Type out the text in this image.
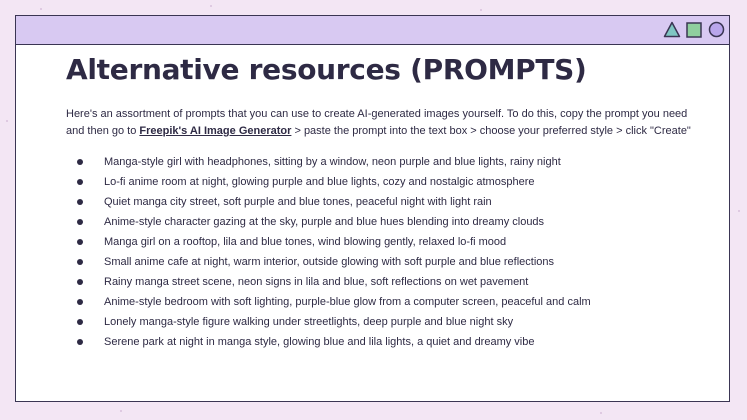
Alternative resources (PROMPTS)

Here's an assortment of prompts that you can use to create AI-generated images yourself. To do this, copy the prompt you need and then go to Freepik's AI Image Generator > paste the prompt into the text box > choose your preferred style > click "Create"

Manga-style girl with headphones, sitting by a window, neon purple and blue lights, rainy night
Lo-fi anime room at night, glowing purple and blue lights, cozy and nostalgic atmosphere
Quiet manga city street, soft purple and blue tones, peaceful night with light rain
Anime-style character gazing at the sky, purple and blue hues blending into dreamy clouds
Manga girl on a rooftop, lila and blue tones, wind blowing gently, relaxed lo-fi mood
Small anime cafe at night, warm interior, outside glowing with soft purple and blue reflections
Rainy manga street scene, neon signs in lila and blue, soft reflections on wet pavement
Anime-style bedroom with soft lighting, purple-blue glow from a computer screen, peaceful and calm
Lonely manga-style figure walking under streetlights, deep purple and blue night sky
Serene park at night in manga style, glowing blue and lila lights, a quiet and dreamy vibe
